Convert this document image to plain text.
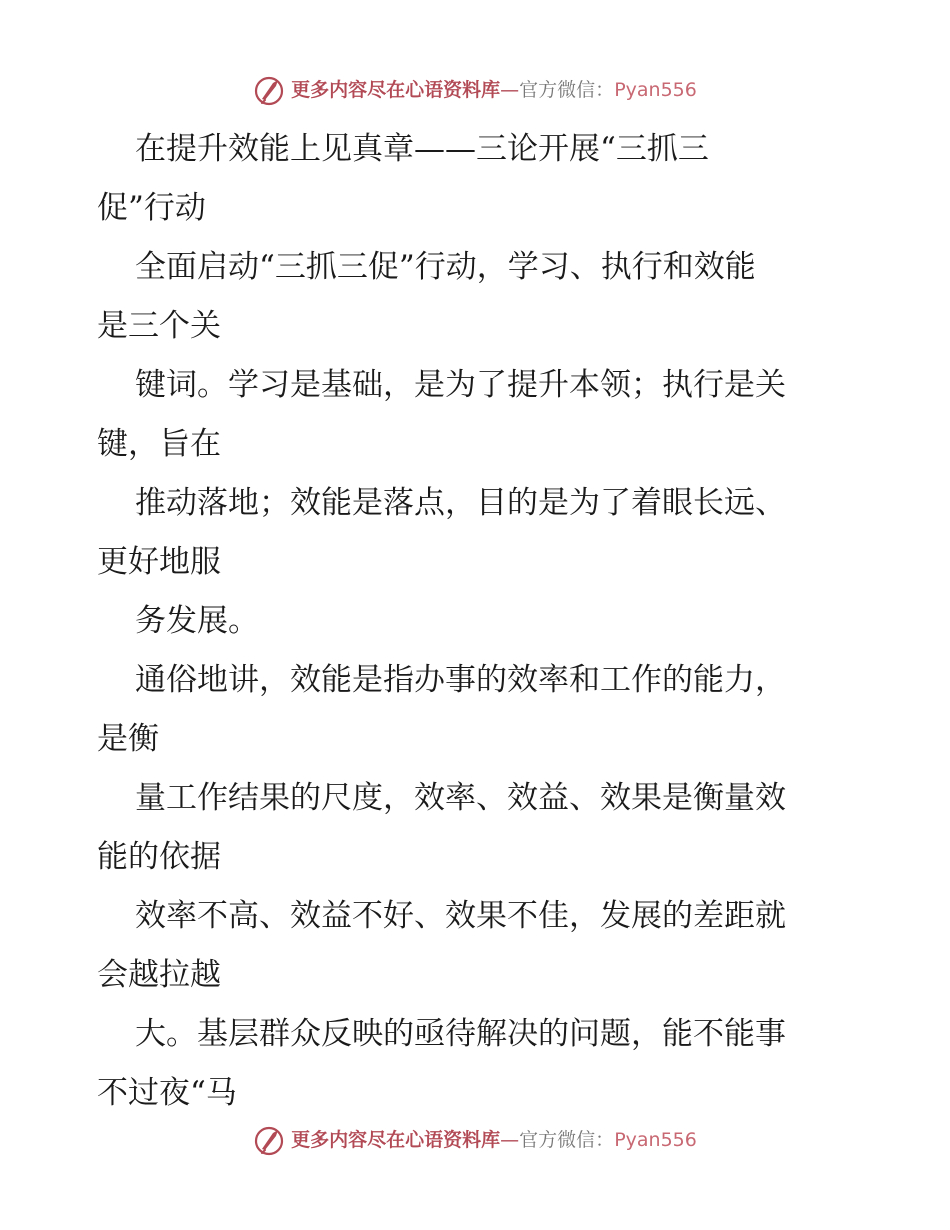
更多内容尽在心语资料库—官方微信：Pyan556
在提升效能上见真章——三论开展“三抓三
促”行动
全面启动“三抓三促”行动，学习、执行和效能
是三个关
键词。学习是基础，是为了提升本领；执行是关
键，旨在
推动落地；效能是落点，目的是为了着眼长远、
更好地服
务发展。
通俗地讲，效能是指办事的效率和工作的能力，
是衡
量工作结果的尺度，效率、效益、效果是衡量效
能的依据
效率不高、效益不好、效果不佳，发展的差距就
会越拉越
大。基层群众反映的亟待解决的问题，能不能事
不过夜“马
更多内容尽在心语资料库—官方微信：Pyan556
